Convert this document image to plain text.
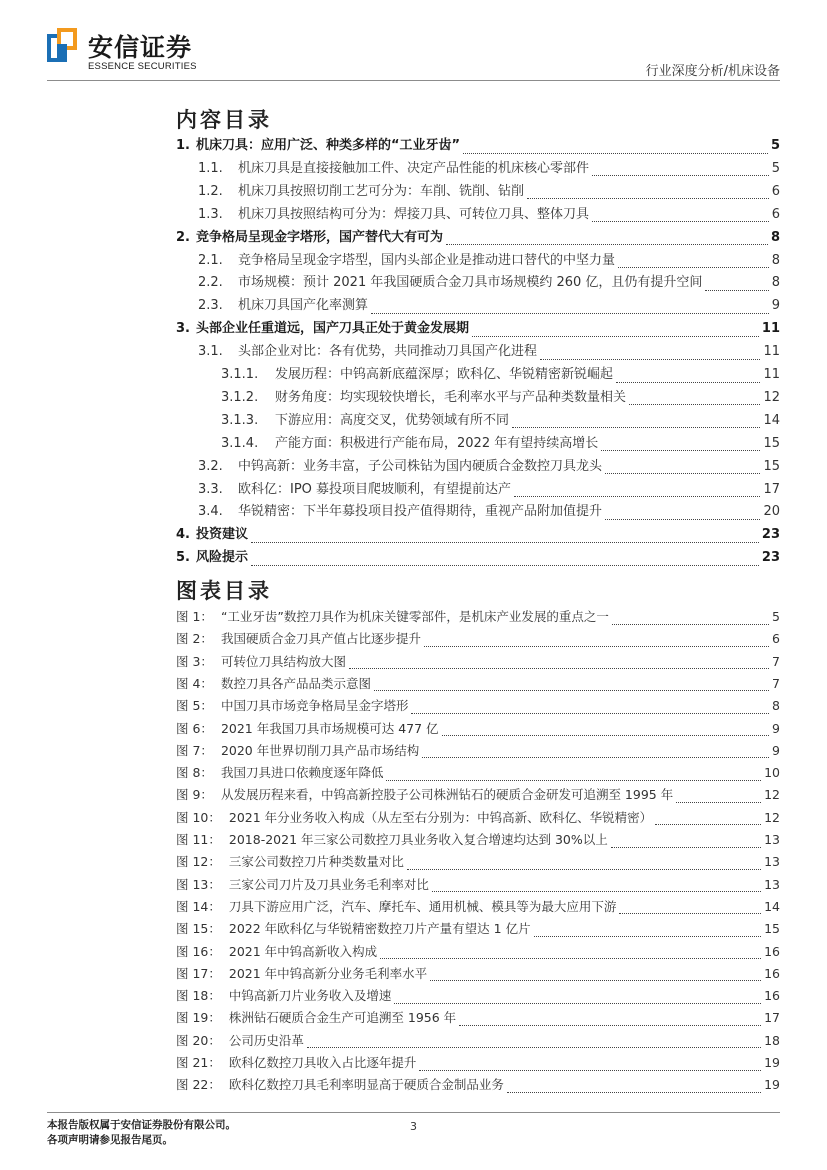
安信证券
ESSENCE SECURITIES	行业深度分析/机床设备
内容目录
1. 机床刀具：应用广泛、种类多样的“工业牙齿”	5
1.1.	机床刀具是直接接触加工件、决定产品性能的机床核心零部件	5
1.2.	机床刀具按照切削工艺可分为：车削、铣削、钻削	6
1.3.	机床刀具按照结构可分为：焊接刀具、可转位刀具、整体刀具	6
2. 竞争格局呈现金字塔形，国产替代大有可为	8
2.1.	竞争格局呈现金字塔型，国内头部企业是推动进口替代的中坚力量	8
2.2.	市场规模：预计 2021 年我国硬质合金刀具市场规模约 260 亿，且仍有提升空间	8
2.3.	机床刀具国产化率测算	9
3. 头部企业任重道远，国产刀具正处于黄金发展期	11
3.1.	头部企业对比：各有优势，共同推动刀具国产化进程	11
3.1.1.	发展历程：中钨高新底蕴深厚；欧科亿、华锐精密新锐崛起	11
3.1.2.	财务角度：均实现较快增长，毛利率水平与产品种类数量相关	12
3.1.3.	下游应用：高度交叉，优势领域有所不同	14
3.1.4.	产能方面：积极进行产能布局，2022 年有望持续高增长	15
3.2.	中钨高新：业务丰富，子公司株钻为国内硬质合金数控刀具龙头	15
3.3.	欧科亿：IPO 募投项目爬坡顺利，有望提前达产	17
3.4.	华锐精密：下半年募投项目投产值得期待，重视产品附加值提升	20
4. 投资建议	23
5. 风险提示	23
图表目录
图 1： “工业牙齿”数控刀具作为机床关键零部件，是机床产业发展的重点之一	5
图 2： 我国硬质合金刀具产值占比逐步提升	6
图 3： 可转位刀具结构放大图	7
图 4： 数控刀具各产品品类示意图	7
图 5： 中国刀具市场竞争格局呈金字塔形	8
图 6： 2021 年我国刀具市场规模可达 477 亿	9
图 7： 2020 年世界切削刀具产品市场结构	9
图 8： 我国刀具进口依赖度逐年降低	10
图 9： 从发展历程来看，中钨高新控股子公司株洲钻石的硬质合金研发可追溯至 1995 年	12
图 10： 2021 年分业务收入构成（从左至右分别为：中钨高新、欧科亿、华锐精密）	12
图 11： 2018-2021 年三家公司数控刀具业务收入复合增速均达到 30%以上	13
图 12： 三家公司数控刀片种类数量对比	13
图 13： 三家公司刀片及刀具业务毛利率对比	13
图 14： 刀具下游应用广泛，汽车、摩托车、通用机械、模具等为最大应用下游	14
图 15： 2022 年欧科亿与华锐精密数控刀片产量有望达 1 亿片	15
图 16： 2021 年中钨高新收入构成	16
图 17： 2021 年中钨高新分业务毛利率水平	16
图 18： 中钨高新刀片业务收入及增速	16
图 19： 株洲钻石硬质合金生产可追溯至 1956 年	17
图 20： 公司历史沿革	18
图 21： 欧科亿数控刀具收入占比逐年提升	19
图 22： 欧科亿数控刀具毛利率明显高于硬质合金制品业务	19
本报告版权属于安信证券股份有限公司。
各项声明请参见报告尾页。
3
